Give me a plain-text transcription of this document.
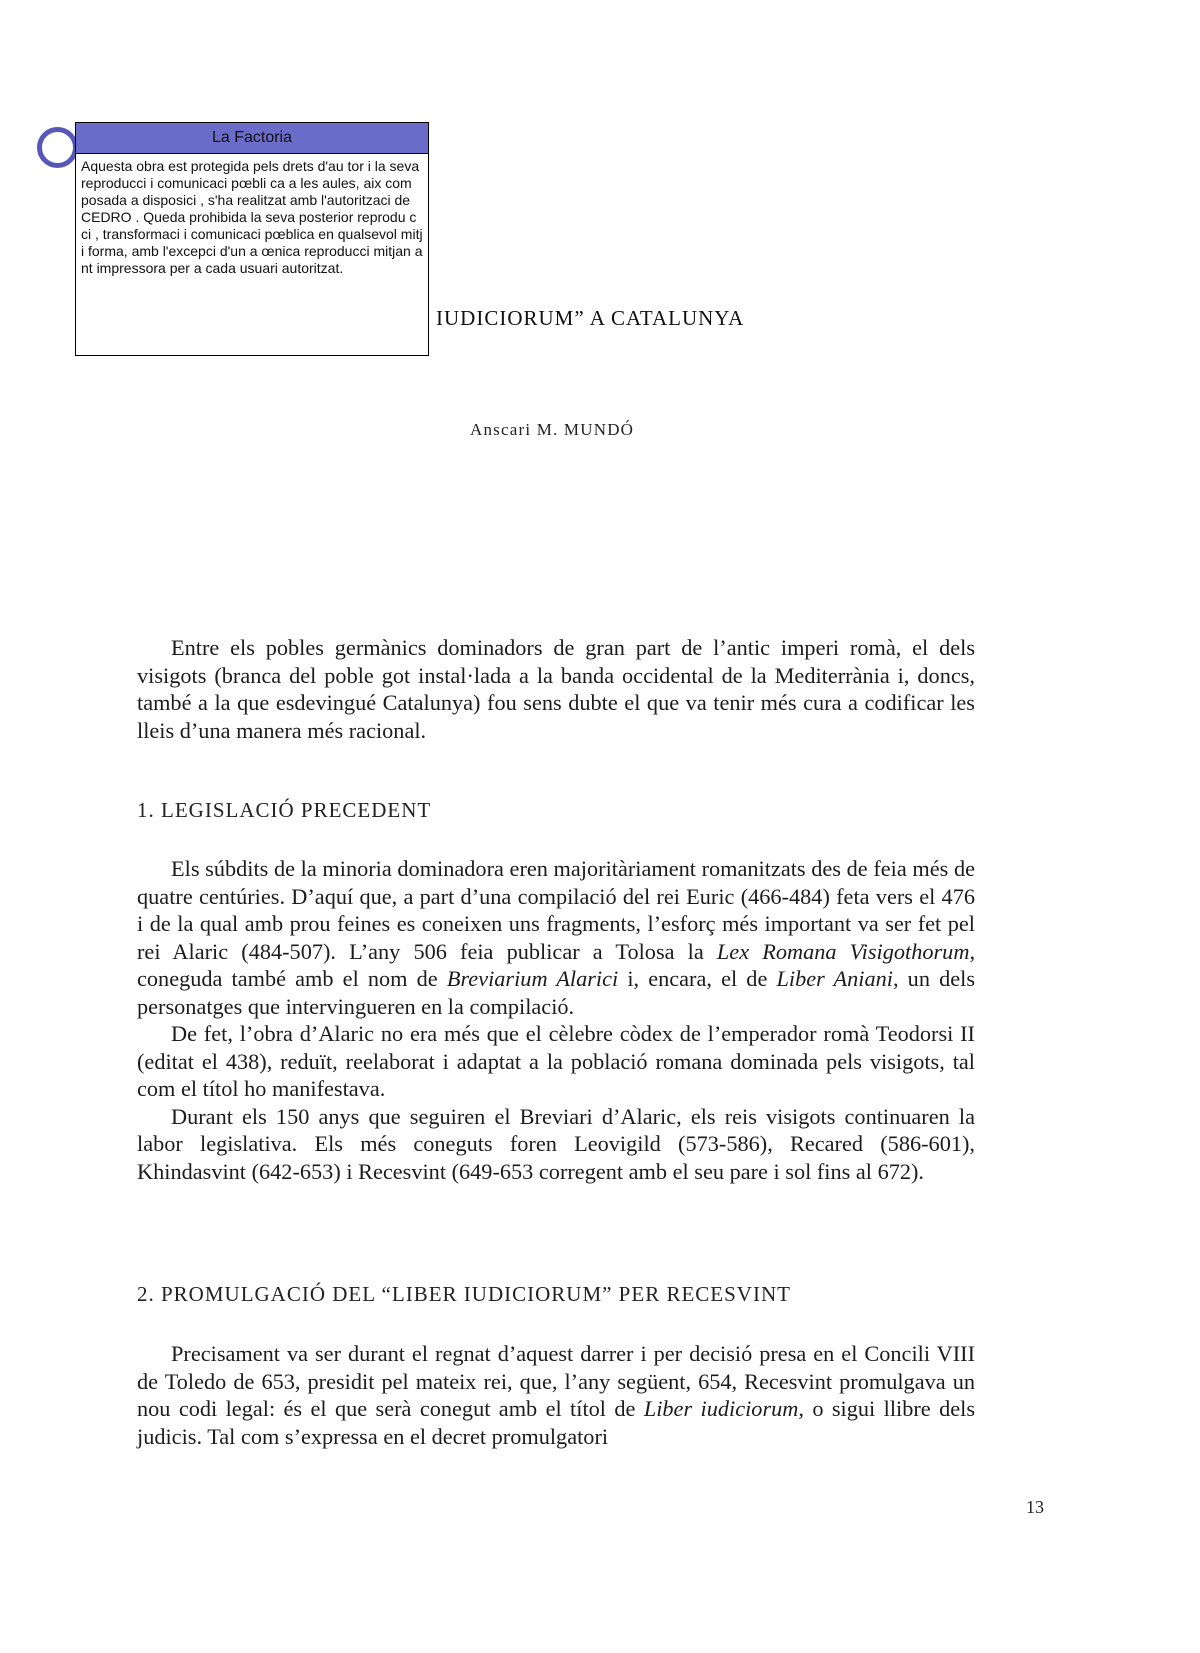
La Factoria
Aquesta obra est protegida pels drets d'au tor i la seva reproducci i comunicaci pœbli ca a les aules, aix com posada a disposici , s'ha realitzat amb l'autoritzaci de CEDRO . Queda prohibida la seva posterior reprodu cci , transformaci i comunicaci pœblica en qualsevol mitj i forma, amb l'excepci d'un a œnica reproducci mitjan ant impressora per a cada usuari autoritzat.
IUDICIORUM” A CATALUNYA
Anscari M. MUNDÓ

Entre els pobles germànics dominadors de gran part de l’antic imperi romà, el dels visigots (branca del poble got instal·lada a la banda occidental de la Mediterrània i, doncs, també a la que esdevingué Catalunya) fou sens dubte el que va tenir més cura a codificar les lleis d’una manera més racional.

1. LEGISLACIÓ PRECEDENT

Els súbdits de la minoria dominadora eren majoritàriament romanitzats des de feia més de quatre centúries. D’aquí que, a part d’una compilació del rei Euric (466-484) feta vers el 476 i de la qual amb prou feines es coneixen uns fragments, l’esforç més important va ser fet pel rei Alaric (484-507). L’any 506 feia publicar a Tolosa la Lex Romana Visigothorum, coneguda també amb el nom de Breviarium Alarici i, encara, el de Liber Aniani, un dels personatges que intervingueren en la compilació.

De fet, l’obra d’Alaric no era més que el cèlebre còdex de l’emperador romà Teodorsi II (editat el 438), reduït, reelaborat i adaptat a la població romana dominada pels visigots, tal com el títol ho manifestava.

Durant els 150 anys que seguiren el Breviari d’Alaric, els reis visigots continuaren la labor legislativa. Els més coneguts foren Leovigild (573-586), Recared (586-601), Khindasvint (642-653) i Recesvint (649-653 corregent amb el seu pare i sol fins al 672).

2. PROMULGACIÓ DEL “LIBER IUDICIORUM” PER RECESVINT

Precisament va ser durant el regnat d’aquest darrer i per decisió presa en el Concili VIII de Toledo de 653, presidit pel mateix rei, que, l’any següent, 654, Recesvint promulgava un nou codi legal: és el que serà conegut amb el títol de Liber iudiciorum, o sigui llibre dels judicis. Tal com s’expressa en el decret promulgatori

13
